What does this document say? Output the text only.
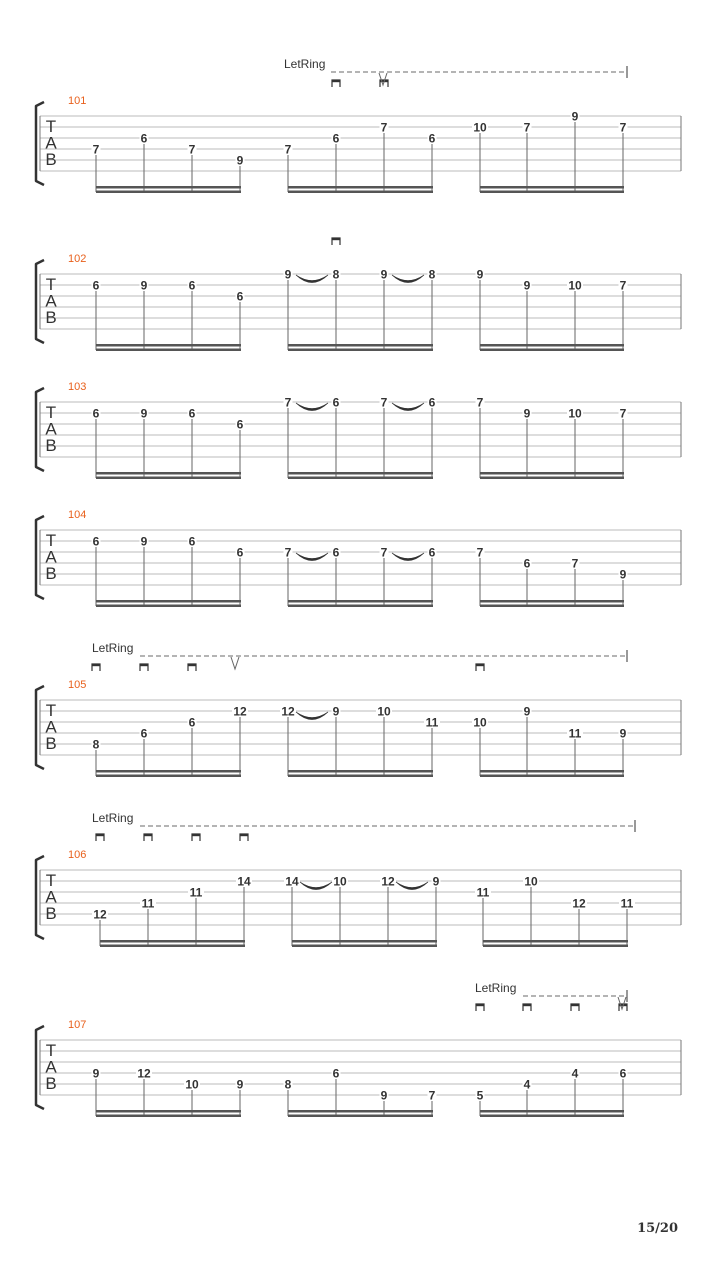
101
T
A
B
7
6
7
9
7
6
7
6
10	7
9
7
LetRing
102
T
A
B
6	9	6
6
9	8	9	8	9
9	10	7
103
T
A
B
6	9	6
6
7	6	7	6	7
9	10	7
104
T
A
B
6	9	6
6	7	6	7	6	7
6	7
9
105
T
A
B	8
6
6
12	12	9	10
11	10
9
11	9
LetRing
106
T
A
B	12
11
11
14	14	10	12	9
11
10
12	11
LetRing
107
T
A
B
9	12
10	9	8
6
9	7	5
4
4	6
LetRing
15/20
